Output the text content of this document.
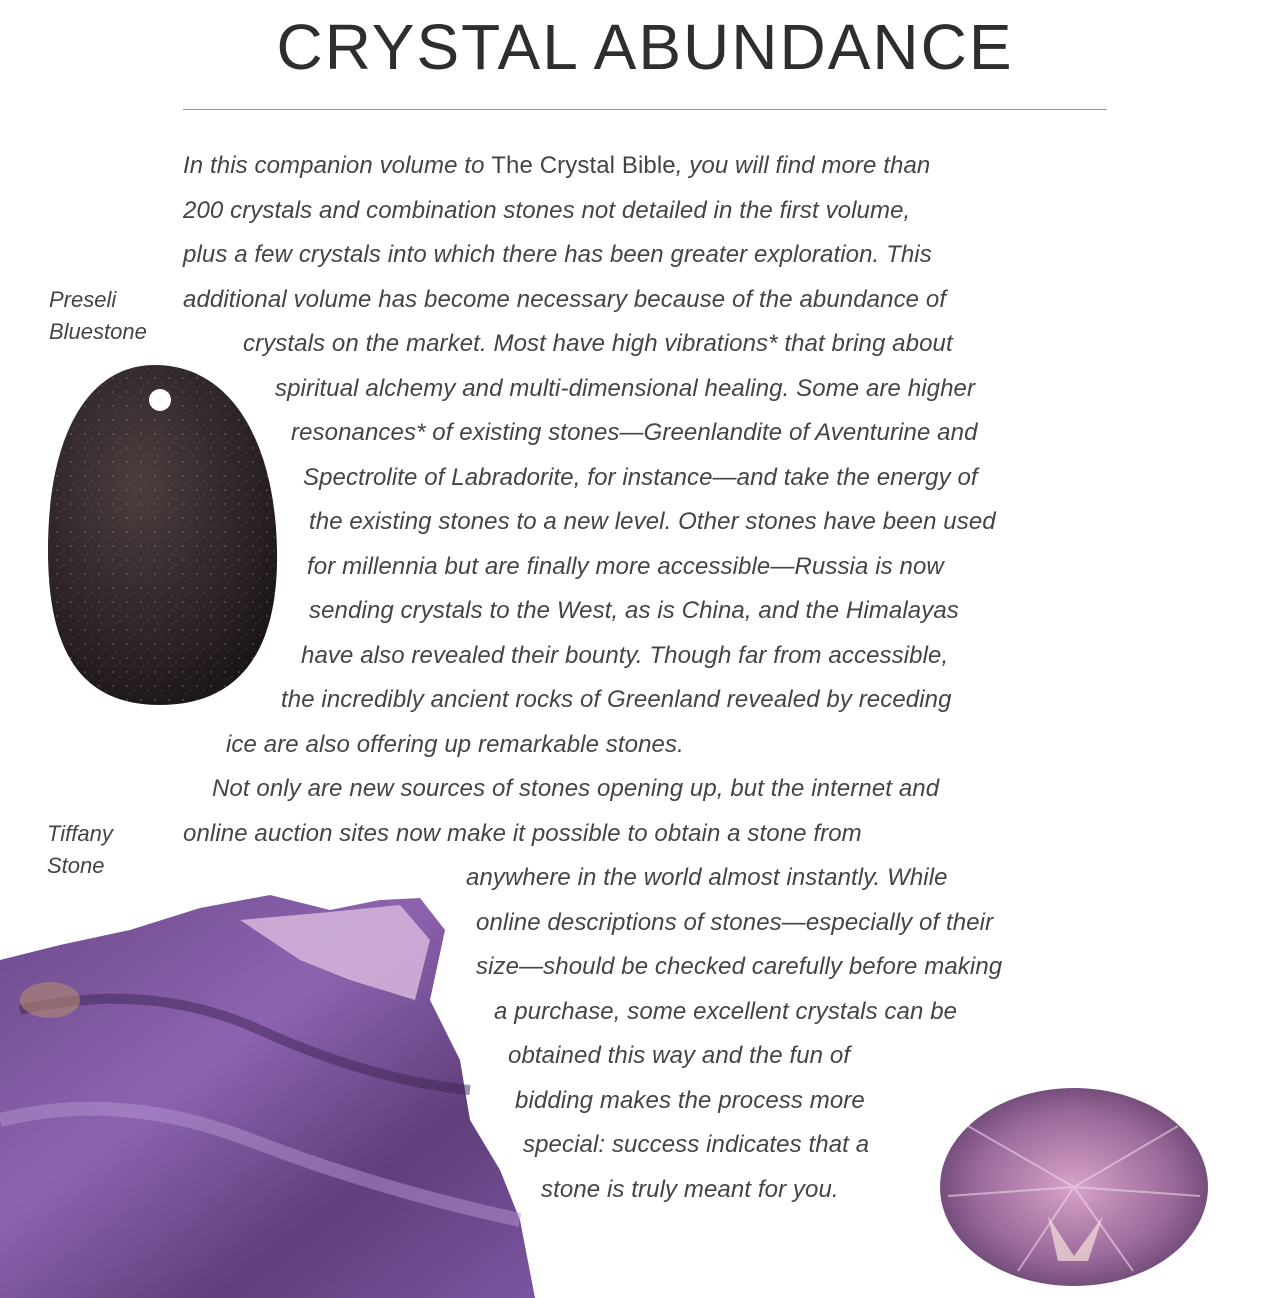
CRYSTAL ABUNDANCE
Preseli
Bluestone
Tiffany
Stone
In this companion volume to The Crystal Bible, you will find more than
200 crystals and combination stones not detailed in the first volume,
plus a few crystals into which there has been greater exploration. This
additional volume has become necessary because of the abundance of
crystals on the market. Most have high vibrations* that bring about
spiritual alchemy and multi-dimensional healing. Some are higher
resonances* of existing stones—Greenlandite of Aventurine and
Spectrolite of Labradorite, for instance—and take the energy of
the existing stones to a new level. Other stones have been used
for millennia but are finally more accessible—Russia is now
sending crystals to the West, as is China, and the Himalayas
have also revealed their bounty. Though far from accessible,
the incredibly ancient rocks of Greenland revealed by receding
ice are also offering up remarkable stones.
Not only are new sources of stones opening up, but the internet and
online auction sites now make it possible to obtain a stone from
anywhere in the world almost instantly. While
online descriptions of stones—especially of their
size—should be checked carefully before making
a purchase, some excellent crystals can be
obtained this way and the fun of
bidding makes the process more
special: success indicates that a
stone is truly meant for you.
